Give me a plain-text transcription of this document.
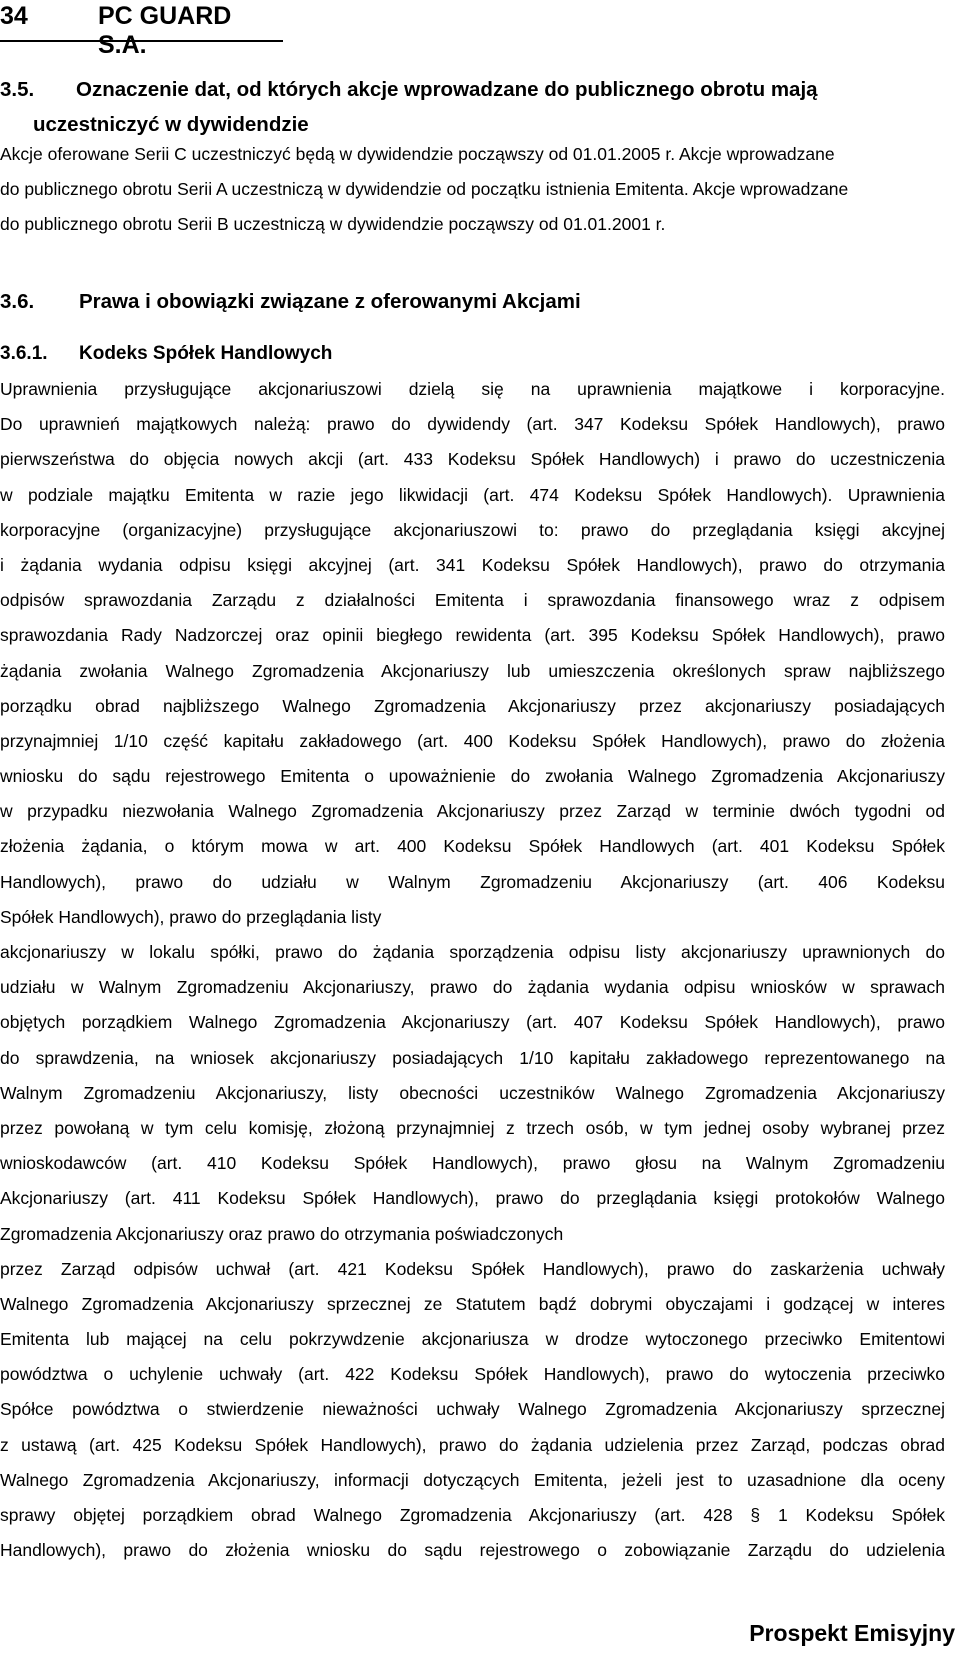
34	PC GUARD S.A.
3.5. Oznaczenie dat, od których akcje wprowadzane do publicznego obrotu mają
uczestniczyć w dywidendzie
Akcje oferowane Serii C uczestniczyć będą w dywidendzie począwszy od 01.01.2005 r. Akcje wprowadzane
do publicznego obrotu Serii A uczestniczą w dywidendzie od początku istnienia Emitenta. Akcje wprowadzane
do publicznego obrotu Serii B uczestniczą w dywidendzie począwszy od 01.01.2001 r.
3.6. Prawa i obowiązki związane z oferowanymi Akcjami
3.6.1. Kodeks Spółek Handlowych
Uprawnienia przysługujące akcjonariuszowi dzielą się na uprawnienia majątkowe i korporacyjne.
Do uprawnień majątkowych należą: prawo do dywidendy (art. 347 Kodeksu Spółek Handlowych), prawo
pierwszeństwa do objęcia nowych akcji (art. 433 Kodeksu Spółek Handlowych) i prawo do uczestniczenia
w podziale majątku Emitenta w razie jego likwidacji (art. 474 Kodeksu Spółek Handlowych). Uprawnienia
korporacyjne (organizacyjne) przysługujące akcjonariuszowi to: prawo do przeglądania księgi akcyjnej
i żądania wydania odpisu księgi akcyjnej (art. 341 Kodeksu Spółek Handlowych), prawo do otrzymania
odpisów sprawozdania Zarządu z działalności Emitenta i sprawozdania finansowego wraz z odpisem
sprawozdania Rady Nadzorczej oraz opinii biegłego rewidenta (art. 395 Kodeksu Spółek Handlowych), prawo
żądania zwołania Walnego Zgromadzenia Akcjonariuszy lub umieszczenia określonych spraw najbliższego
porządku obrad najbliższego Walnego Zgromadzenia Akcjonariuszy przez akcjonariuszy posiadających
przynajmniej 1/10 część kapitału zakładowego (art. 400 Kodeksu Spółek Handlowych), prawo do złożenia
wniosku do sądu rejestrowego Emitenta o upoważnienie do zwołania Walnego Zgromadzenia Akcjonariuszy
w przypadku niezwołania Walnego Zgromadzenia Akcjonariuszy przez Zarząd w terminie dwóch tygodni od
złożenia żądania, o którym mowa w art. 400 Kodeksu Spółek Handlowych (art. 401 Kodeksu Spółek
Handlowych), prawo do udziału w Walnym Zgromadzeniu Akcjonariuszy (art. 406 Kodeksu
Spółek Handlowych), prawo do przeglądania listy
akcjonariuszy w lokalu spółki, prawo do żądania sporządzenia odpisu listy akcjonariuszy uprawnionych do
udziału w Walnym Zgromadzeniu Akcjonariuszy, prawo do żądania wydania odpisu wniosków w sprawach
objętych porządkiem Walnego Zgromadzenia Akcjonariuszy (art. 407 Kodeksu Spółek Handlowych), prawo
do sprawdzenia, na wniosek akcjonariuszy posiadających 1/10 kapitału zakładowego reprezentowanego na
Walnym Zgromadzeniu Akcjonariuszy, listy obecności uczestników Walnego Zgromadzenia Akcjonariuszy
przez powołaną w tym celu komisję, złożoną przynajmniej z trzech osób, w tym jednej osoby wybranej przez
wnioskodawców (art. 410 Kodeksu Spółek Handlowych), prawo głosu na Walnym Zgromadzeniu
Akcjonariuszy (art. 411 Kodeksu Spółek Handlowych), prawo do przeglądania księgi protokołów Walnego
Zgromadzenia Akcjonariuszy oraz prawo do otrzymania poświadczonych
przez Zarząd odpisów uchwał (art. 421 Kodeksu Spółek Handlowych), prawo do zaskarżenia uchwały
Walnego Zgromadzenia Akcjonariuszy sprzecznej ze Statutem bądź dobrymi obyczajami i godzącej w interes
Emitenta lub mającej na celu pokrzywdzenie akcjonariusza w drodze wytoczonego przeciwko Emitentowi
powództwa o uchylenie uchwały (art. 422 Kodeksu Spółek Handlowych), prawo do wytoczenia przeciwko
Spółce powództwa o stwierdzenie nieważności uchwały Walnego Zgromadzenia Akcjonariuszy sprzecznej
z ustawą (art. 425 Kodeksu Spółek Handlowych), prawo do żądania udzielenia przez Zarząd, podczas obrad
Walnego Zgromadzenia Akcjonariuszy, informacji dotyczących Emitenta, jeżeli jest to uzasadnione dla oceny
sprawy objętej porządkiem obrad Walnego Zgromadzenia Akcjonariuszy (art. 428 § 1 Kodeksu Spółek
Handlowych), prawo do złożenia wniosku do sądu rejestrowego o zobowiązanie Zarządu do udzielenia
Prospekt Emisyjny
